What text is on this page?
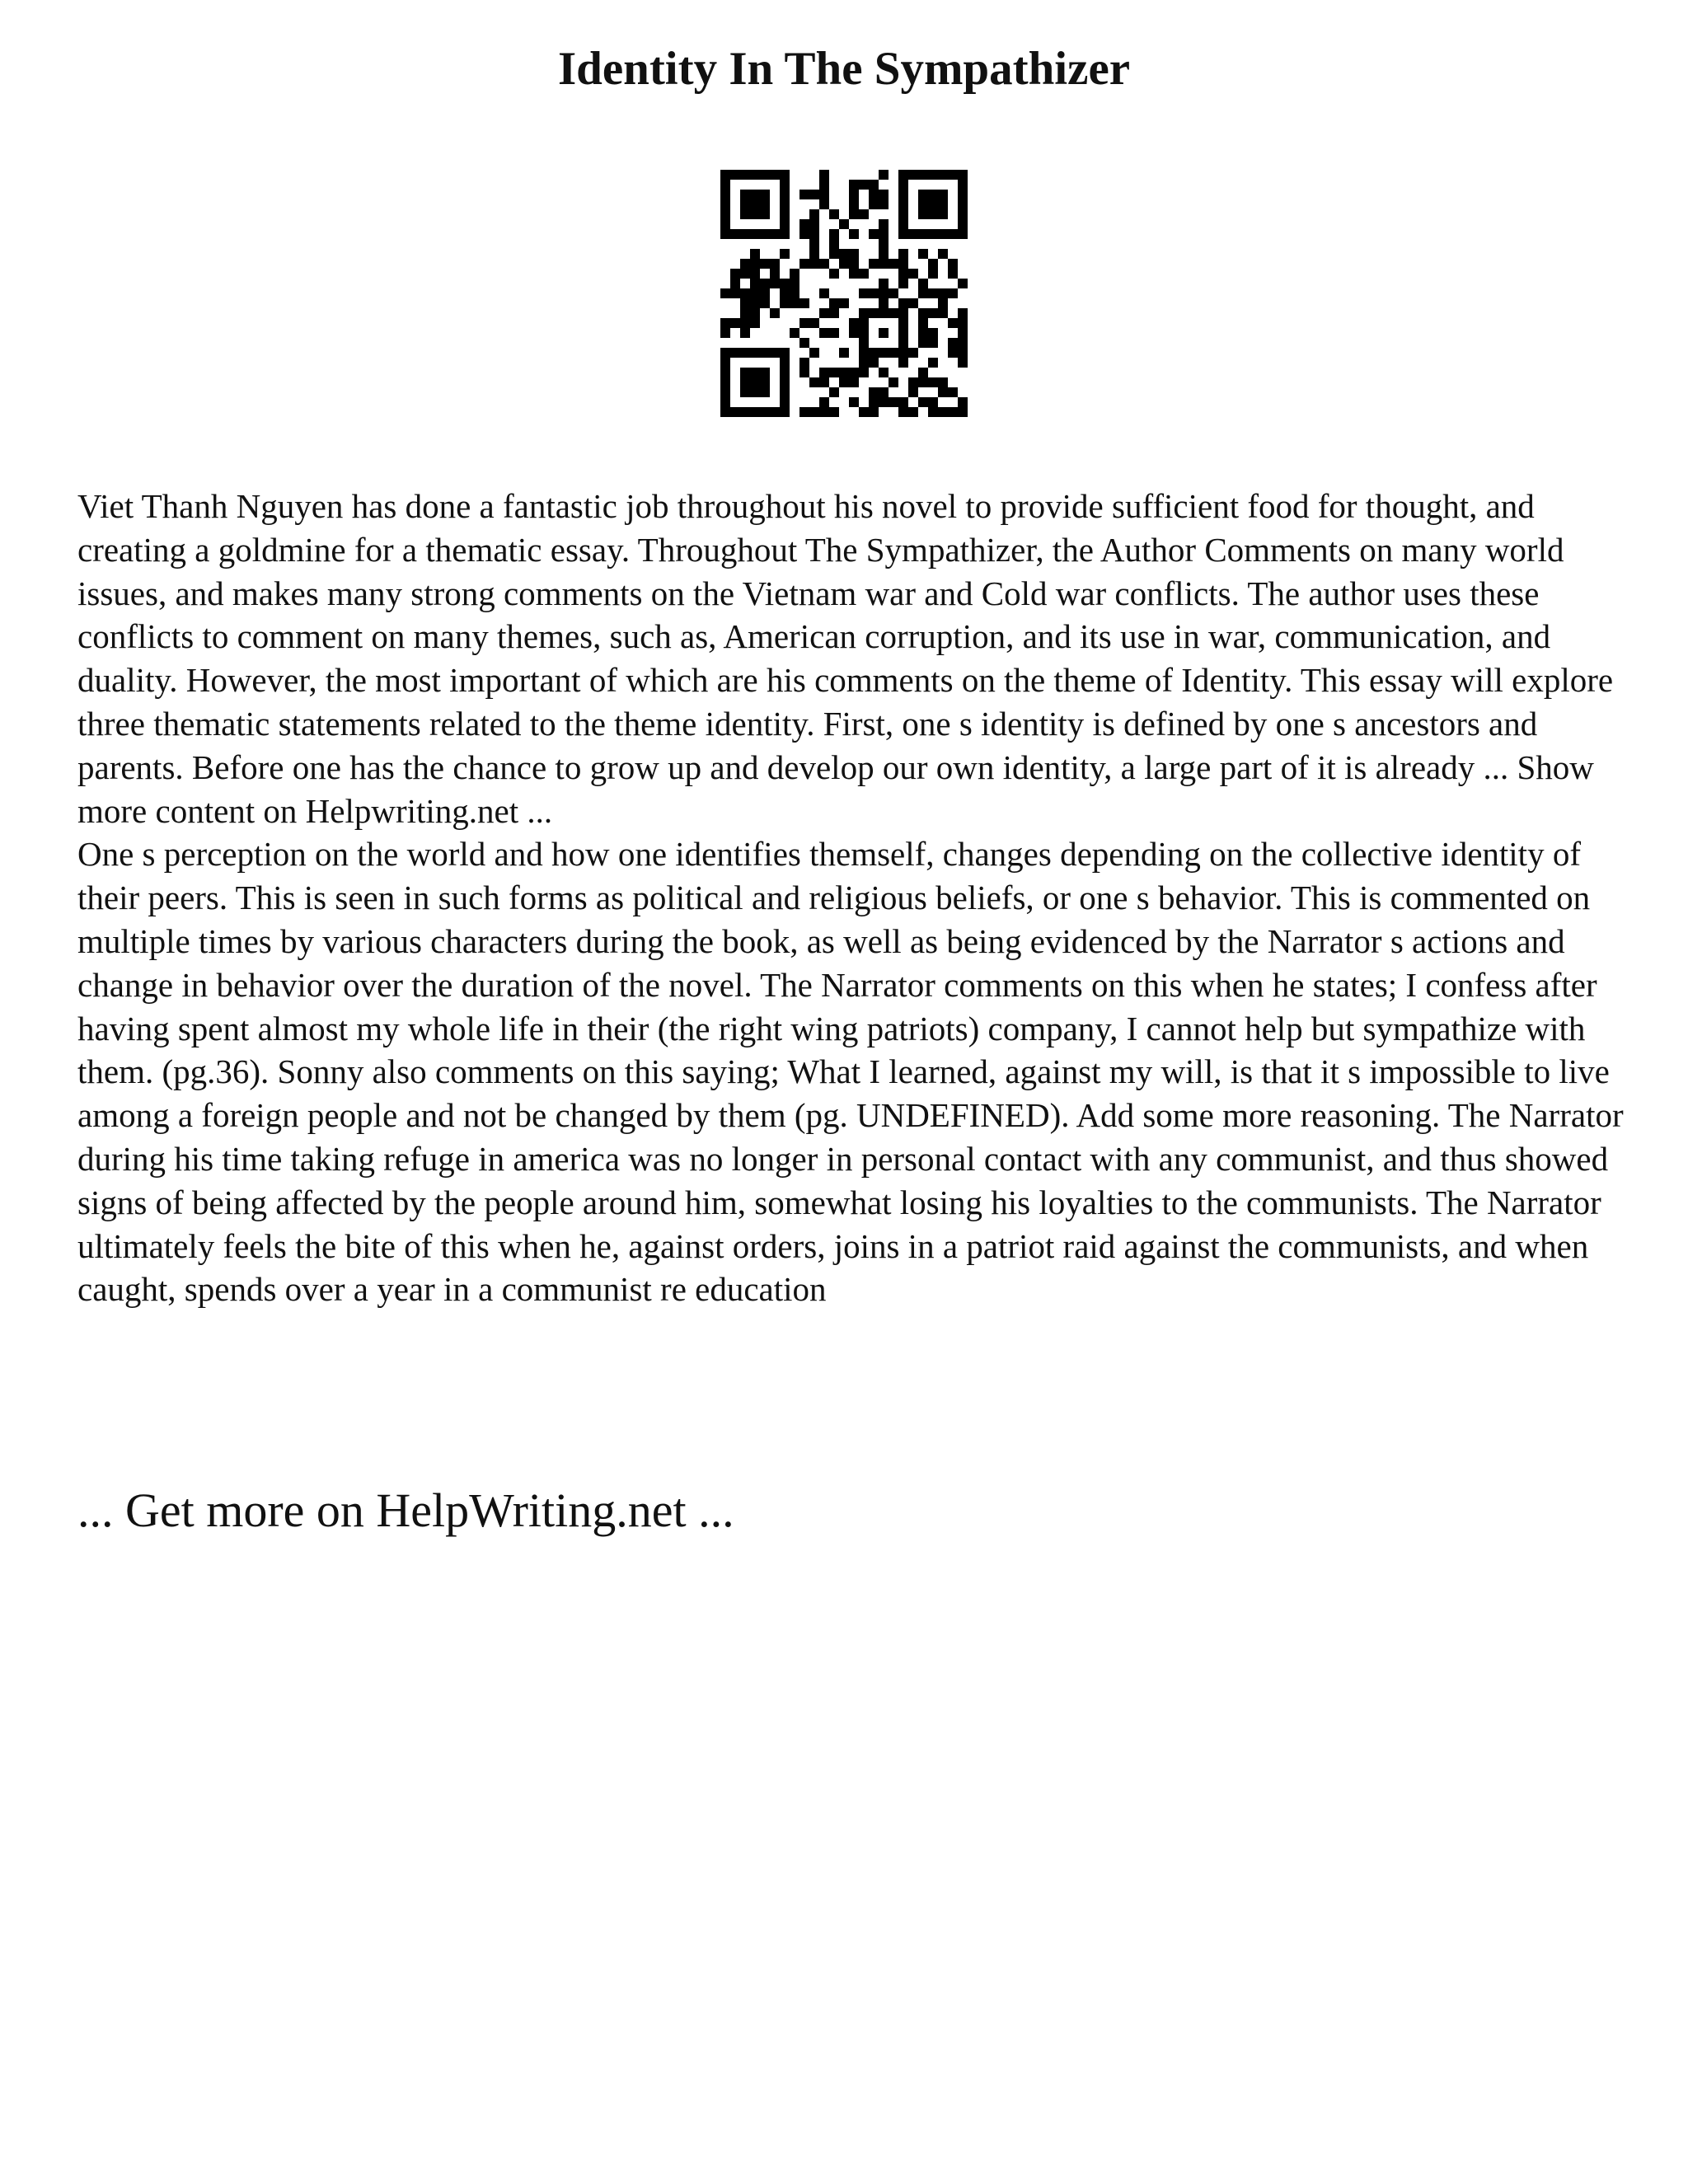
Identity In The Sympathizer

Viet Thanh Nguyen has done a fantastic job throughout his novel to provide sufficient food for thought, and creating a goldmine for a thematic essay. Throughout The Sympathizer, the Author Comments on many world issues, and makes many strong comments on the Vietnam war and Cold war conflicts. The author uses these conflicts to comment on many themes, such as, American corruption, and its use in war, communication, and duality. However, the most important of which are his comments on the theme of Identity. This essay will explore three thematic statements related to the theme identity. First, one s identity is defined by one s ancestors and parents. Before one has the chance to grow up and develop our own identity, a large part of it is already ... Show more content on Helpwriting.net ...

One s perception on the world and how one identifies themself, changes depending on the collective identity of their peers. This is seen in such forms as political and religious beliefs, or one s behavior. This is commented on multiple times by various characters during the book, as well as being evidenced by the Narrator s actions and change in behavior over the duration of the novel. The Narrator comments on this when he states; I confess after having spent almost my whole life in their (the right wing patriots) company, I cannot help but sympathize with them. (pg.36). Sonny also comments on this saying; What I learned, against my will, is that it s impossible to live among a foreign people and not be changed by them (pg. UNDEFINED). Add some more reasoning. The Narrator during his time taking refuge in america was no longer in personal contact with any communist, and thus showed signs of being affected by the people around him, somewhat losing his loyalties to the communists. The Narrator ultimately feels the bite of this when he, against orders, joins in a patriot raid against the communists, and when caught, spends over a year in a communist re education

... Get more on HelpWriting.net ...
